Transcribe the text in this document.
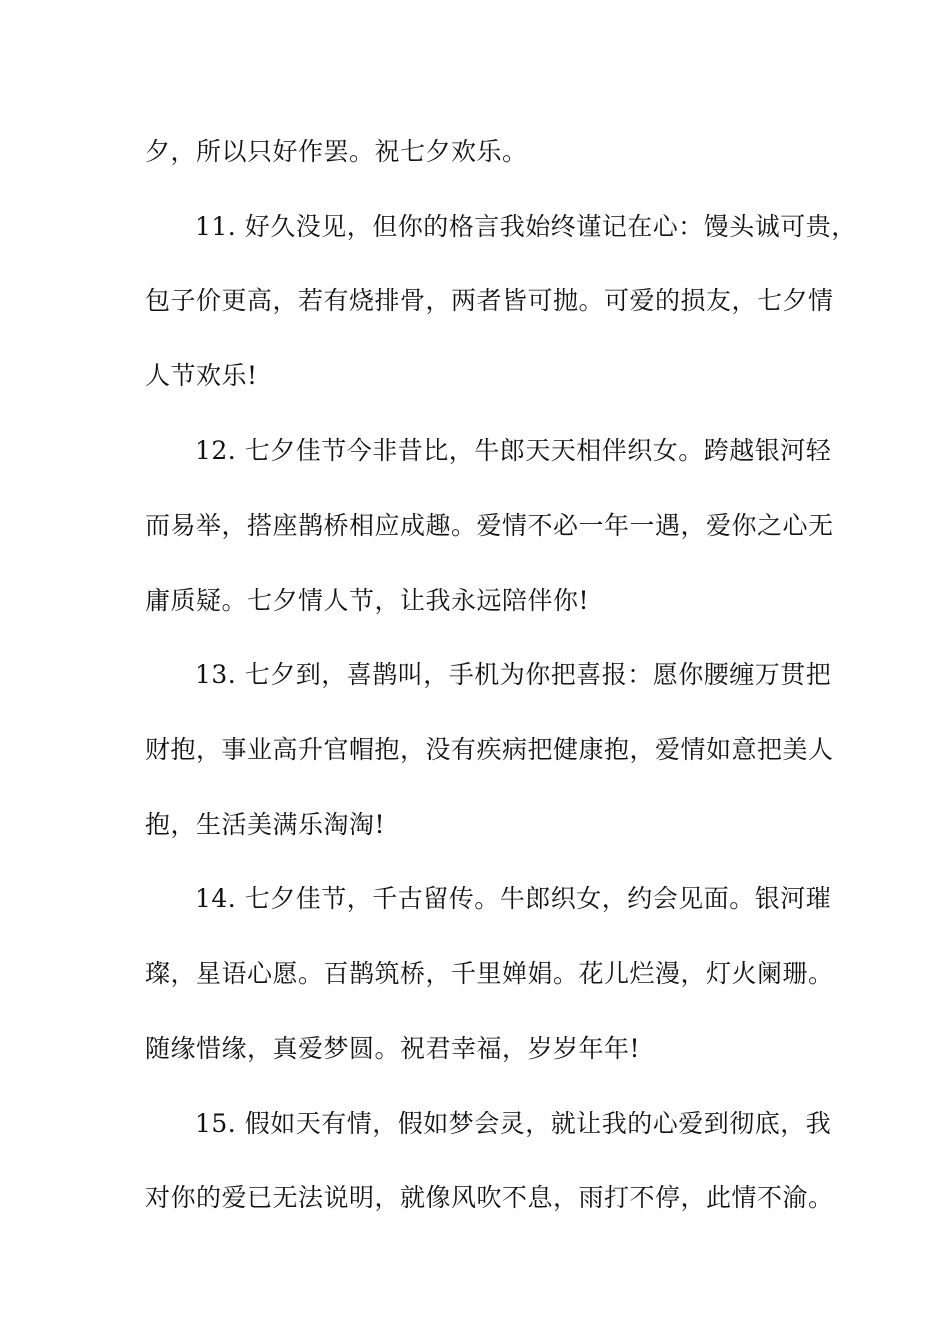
夕，所以只好作罢。祝七夕欢乐。
11. 好久没见，但你的格言我始终谨记在心：馒头诚可贵，
包子价更高，若有烧排骨，两者皆可抛。可爱的损友，七夕情
人节欢乐!
12. 七夕佳节今非昔比，牛郎天天相伴织女。跨越银河轻
而易举，搭座鹊桥相应成趣。爱情不必一年一遇，爱你之心无
庸质疑。七夕情人节，让我永远陪伴你!
13. 七夕到，喜鹊叫，手机为你把喜报：愿你腰缠万贯把
财抱，事业高升官帽抱，没有疾病把健康抱，爱情如意把美人
抱，生活美满乐淘淘!
14. 七夕佳节，千古留传。牛郎织女，约会见面。银河璀
璨，星语心愿。百鹊筑桥，千里婵娟。花儿烂漫，灯火阑珊。
随缘惜缘，真爱梦圆。祝君幸福，岁岁年年!
15. 假如天有情，假如梦会灵，就让我的心爱到彻底，我
对你的爱已无法说明，就像风吹不息，雨打不停，此情不渝。
